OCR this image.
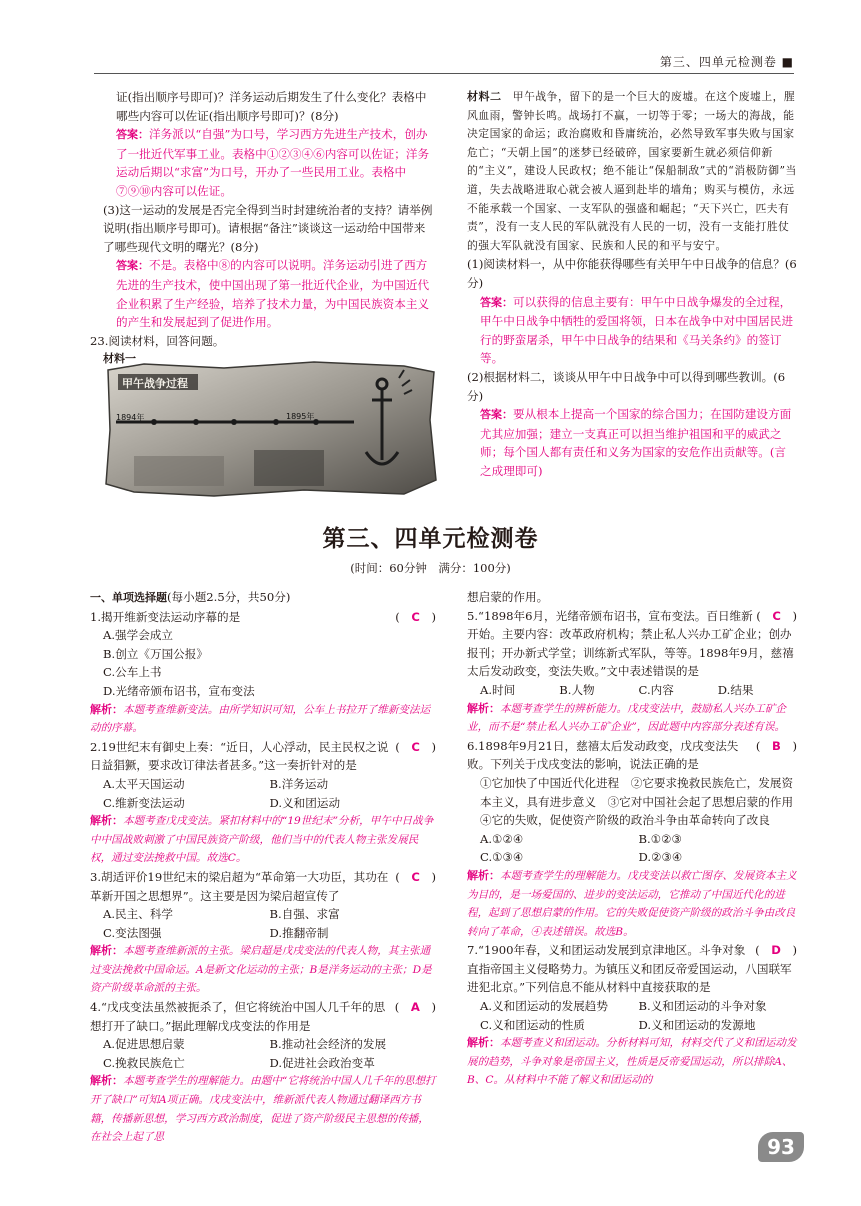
第三、四单元检测卷 ■

证(指出顺序号即可)？洋务运动后期发生了什么变化？表格中哪些内容可以佐证(指出顺序号即可)？(8分)

答案：洋务派以“自强”为口号，学习西方先进生产技术，创办了一批近代军事工业。表格中①②③④⑥内容可以佐证；洋务运动后期以“求富”为口号，开办了一些民用工业。表格中⑦⑨⑩内容可以佐证。

(3)这一运动的发展是否完全得到当时封建统治者的支持？请举例说明(指出顺序号即可)。请根据“备注”谈谈这一运动给中国带来了哪些现代文明的曙光？(8分)

答案：不是。表格中⑧的内容可以说明。洋务运动引进了西方先进的生产技术，使中国出现了第一批近代企业，为中国近代企业积累了生产经验，培养了技术力量，为中国民族资本主义的产生和发展起到了促进作用。

23.阅读材料，回答问题。

材料一

甲午战争过程
1894年	1895年

材料二　 甲午战争，留下的是一个巨大的废墟。在这个废墟上，腥风血雨，警钟长鸣。战场打不赢，一切等于零；一场大的海战，能决定国家的命运；政治腐败和昏庸统治，必然导致军事失败与国家危亡；“天朝上国”的迷梦已经破碎，国家要新生就必须信仰新的“主义”，建设人民政权；绝不能让“保船制敌”式的“消极防御”当道，失去战略进取心就会被人逼到赴毕的墙角；购买与模仿，永远不能承载一个国家、一支军队的强盛和崛起；“天下兴亡，匹夫有责”，没有一支人民的军队就没有人民的一切，没有一支能打胜仗的强大军队就没有国家、民族和人民的和平与安宁。

(1)阅读材料一，从中你能获得哪些有关甲午中日战争的信息？(6分)

答案：可以获得的信息主要有：甲午中日战争爆发的全过程，甲午中日战争中牺牲的爱国将领，日本在战争中对中国居民进行的野蛮屠杀，甲午中日战争的结果和《马关条约》的签订等。

(2)根据材料二，谈谈从甲午中日战争中可以得到哪些教训。(6分)

答案：要从根本上提高一个国家的综合国力；在国防建设方面尤其应加强；建立一支真正可以担当维护祖国和平的威武之师；每个国人都有责任和义务为国家的安危作出贡献等。(言之成理即可)

第三、四单元检测卷
(时间：60分钟　满分：100分)

一、单项选择题(每小题2.5分，共50分)

(　C　)
1.揭开维新变法运动序幕的是

A.强学会成立
B.创立《万国公报》
C.公车上书
D.光绪帝颁布诏书，宣布变法

解析：本题考查维新变法。由所学知识可知，公车上书拉开了维新变法运动的序幕。

(　C　)
2.19世纪末有御史上奏：“近日，人心浮动，民主民权之说日益猖獗，要求改订律法者甚多。”这一奏折针对的是

A.太平天国运动	B.洋务运动
C.维新变法运动	D.义和团运动

解析：本题考查戊戌变法。紧扣材料中的“19世纪末”分析，甲午中日战争中中国战败刺激了中国民族资产阶级，他们当中的代表人物主张发展民权，通过变法挽救中国。故选C。

(　C　)
3.胡适评价19世纪末的梁启超为“革命第一大功臣，其功在革新开国之思想界”。这主要是因为梁启超宣传了

A.民主、科学	B.自强、求富
C.变法图强	D.推翻帝制

解析：本题考查维新派的主张。梁启超是戊戌变法的代表人物，其主张通过变法挽救中国命运。A是新文化运动的主张；B是洋务运动的主张；D是资产阶级革命派的主张。

(　A　)
4.“戊戌变法虽然被扼杀了，但它将统治中国人几千年的思想打开了缺口。”据此理解戊戌变法的作用是

A.促进思想启蒙	B.推动社会经济的发展
C.挽救民族危亡	D.促进社会政治变革

解析：本题考查学生的理解能力。由题中“它将统治中国人几千年的思想打开了缺口”可知A项正确。戊戌变法中，维新派代表人物通过翻译西方书籍，传播新思想，学习西方政治制度，促进了资产阶级民主思想的传播，在社会上起了思

想启蒙的作用。

(　C　)
5.“1898年6月，光绪帝颁布诏书，宣布变法。百日维新开始。主要内容：改革政府机构；禁止私人兴办工矿企业；创办报刊；开办新式学堂；训练新式军队，等等。1898年9月，慈禧太后发动政变，变法失败。”文中表述错误的是

A.时间	B.人物	C.内容	D.结果

解析：本题考查学生的辨析能力。戊戌变法中，鼓励私人兴办工矿企业，而不是“禁止私人兴办工矿企业”，因此题中内容部分表述有误。

(　B　)
6.1898年9月21日，慈禧太后发动政变，戊戌变法失败。下列关于戊戌变法的影响，说法正确的是

①它加快了中国近代化进程　②它要求挽救民族危亡，发展资本主义，具有进步意义　③它对中国社会起了思想启蒙的作用　④它的失败，促使资产阶级的政治斗争由革命转向了改良

A.①②④	B.①②③
C.①③④	D.②③④

解析：本题考查学生的理解能力。戊戌变法以救亡图存、发展资本主义为目的，是一场爱国的、进步的变法运动，它推动了中国近代化的进程，起到了思想启蒙的作用。它的失败促使资产阶级的政治斗争由改良转向了革命，④表述错误。故选B。

(　D　)
7.“1900年春，义和团运动发展到京津地区。斗争对象直指帝国主义侵略势力。为镇压义和团反帝爱国运动，八国联军进犯北京。”下列信息不能从材料中直接获取的是

A.义和团运动的发展趋势	B.义和团运动的斗争对象
C.义和团运动的性质	D.义和团运动的发源地

解析：本题考查义和团运动。分析材料可知，材料交代了义和团运动发展的趋势，斗争对象是帝国主义，性质是反帝爱国运动，所以排除A、B、C。从材料中不能了解义和团运动的

93
